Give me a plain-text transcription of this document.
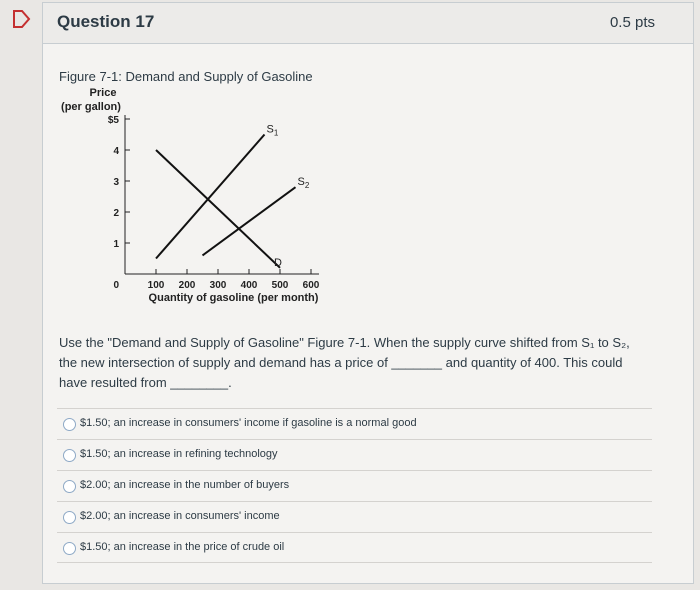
Question 17	0.5 pts
Figure 7-1: Demand and Supply of Gasoline
Price
(per gallon)
$5
4
3
2
1
0	100 200 300 400 500 600
Quantity of gasoline (per month)
$S_1$
$S_2$
D
Use the "Demand and Supply of Gasoline" Figure 7-1. When the supply curve shifted from S₁ to S₂,
the new intersection of supply and demand has a price of _______ and quantity of 400. This could
have resulted from ________.
$1.50; an increase in consumers' income if gasoline is a normal good
$1.50; an increase in refining technology
$2.00; an increase in the number of buyers
$2.00; an increase in consumers' income
$1.50; an increase in the price of crude oil
